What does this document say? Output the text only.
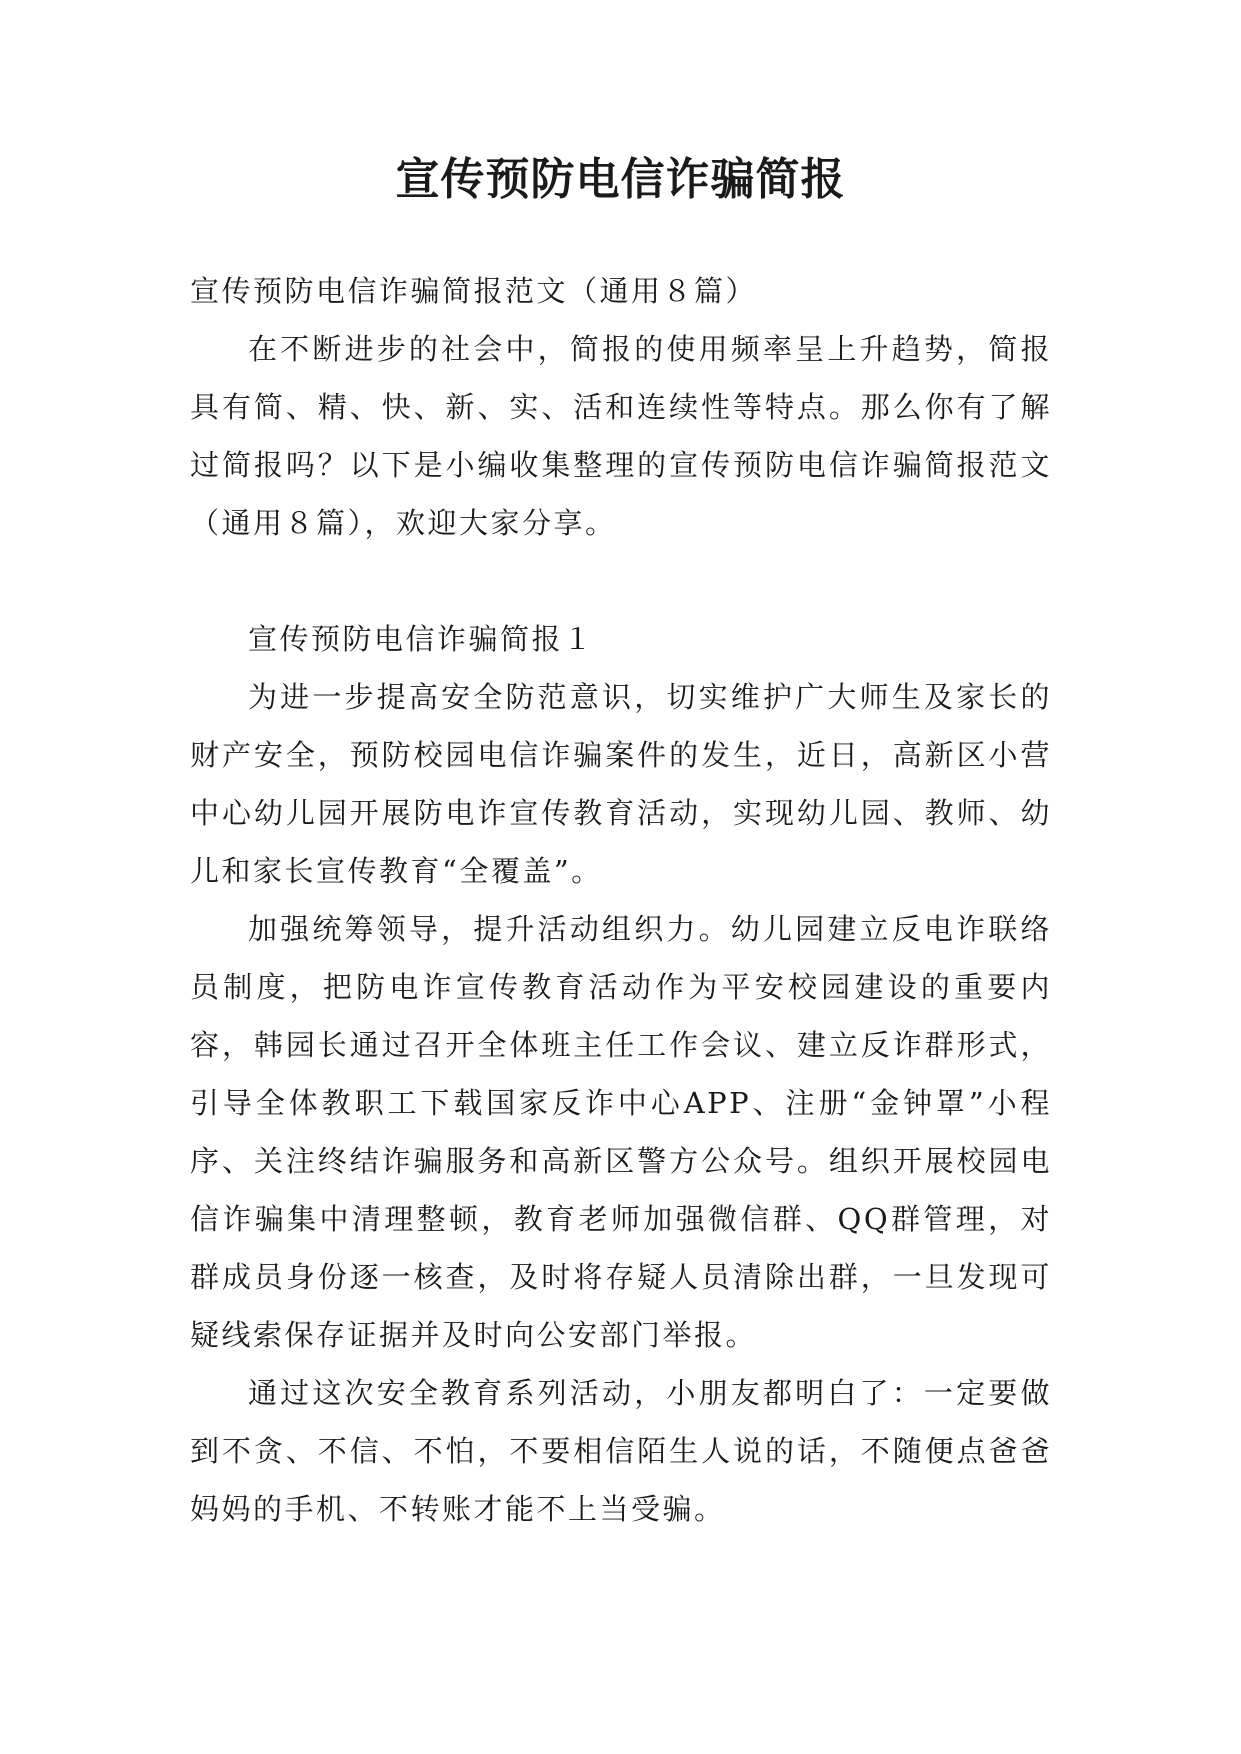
宣传预防电信诈骗简报

宣传预防电信诈骗简报范文（通用８篇）

在不断进步的社会中，简报的使用频率呈上升趋势，简报具有简、精、快、新、实、活和连续性等特点。那么你有了解过简报吗？以下是小编收集整理的宣传预防电信诈骗简报范文（通用８篇），欢迎大家分享。

宣传预防电信诈骗简报１

为进一步提高安全防范意识，切实维护广大师生及家长的财产安全，预防校园电信诈骗案件的发生，近日，高新区小营中心幼儿园开展防电诈宣传教育活动，实现幼儿园、教师、幼儿和家长宣传教育“全覆盖”。

加强统筹领导，提升活动组织力。幼儿园建立反电诈联络员制度，把防电诈宣传教育活动作为平安校园建设的重要内容，韩园长通过召开全体班主任工作会议、建立反诈群形式，引导全体教职工下载国家反诈中心APP、注册“金钟罩”小程序、关注终结诈骗服务和高新区警方公众号。组织开展校园电信诈骗集中清理整顿，教育老师加强微信群、QQ群管理，对群成员身份逐一核查，及时将存疑人员清除出群，一旦发现可疑线索保存证据并及时向公安部门举报。

通过这次安全教育系列活动，小朋友都明白了：一定要做到不贪、不信、不怕，不要相信陌生人说的话，不随便点爸爸妈妈的手机、不转账才能不上当受骗。
